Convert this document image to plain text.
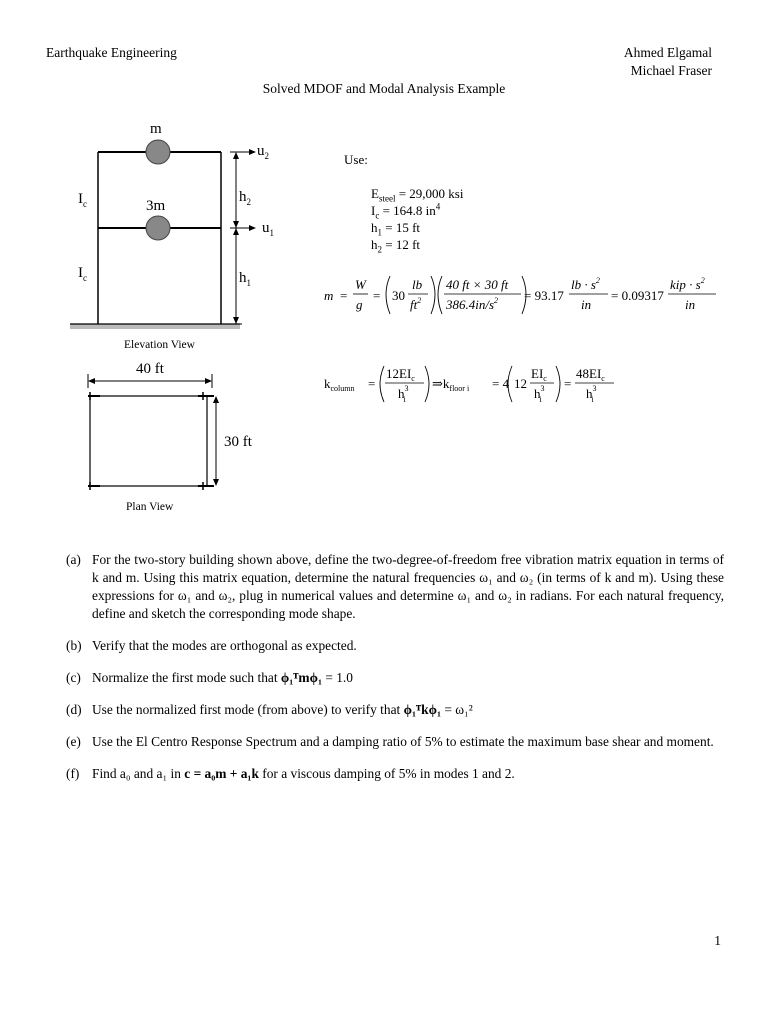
Earthquake Engineering	Ahmed Elgamal
Michael Fraser
Solved MDOF and Modal Analysis Example
m
3m
$I_c$
$I_c$
$h_2$
$h_1$
$u_2$
$u_1$
Elevation View
40 ft
30 ft
Plan View
Use:
$E_{steel} = 29,000$ ksi
$I_c = 164.8$ $in^4$
$h_1 = 15$ ft
$h_2 = 12$ ft
m =
W
g
= 30
lb
$ft^2$
40 ft × 30 ft
$386.4in/s^2 = 93.17$
lb · $s^2$
in
= 0.09317
kip · $s^2$
in
$k_{column}$ =
$12EI_c$
$h^3$ i
$\Rightarrow k_{floor i} = 4$ 12
$EI_c$
$h^3$ i
=
$48EI_c$
$h^3$ i
(a) For the two-story building shown above, define the two-degree-of-freedom free vibration matrix equation in terms of k and m. Using this matrix equation, determine the natural frequencies ω₁ and ω₂ (in terms of k and m). Using these expressions for ω₁ and ω₂, plug in numerical values and determine ω₁ and ω₂ in radians. For each natural frequency, define and sketch the corresponding mode shape.
(b) Verify that the modes are orthogonal as expected.
(c) Normalize the first mode such that ϕ₁ᵀmϕ₁ = 1.0
(d) Use the normalized first mode (from above) to verify that ϕ₁ᵀkϕ₁ = ω₁²
(e) Use the El Centro Response Spectrum and a damping ratio of 5% to estimate the maximum base shear and moment.
(f) Find a₀ and a₁ in c = a₀m + a₁k for a viscous damping of 5% in modes 1 and 2.
1
